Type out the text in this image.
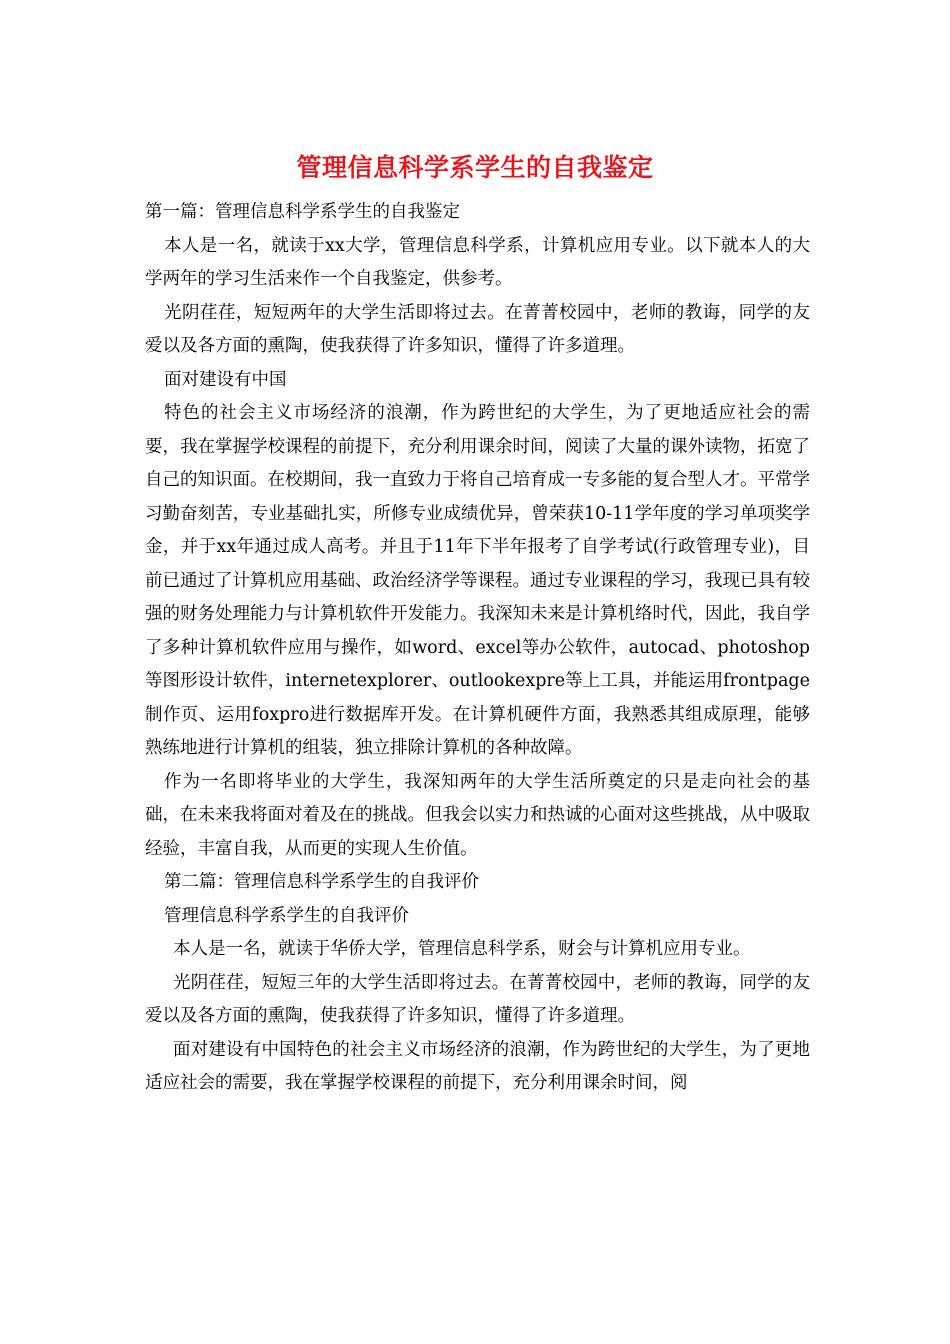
管理信息科学系学生的自我鉴定

第一篇：管理信息科学系学生的自我鉴定

本人是一名，就读于xx大学，管理信息科学系，计算机应用专业。以下就本人的大学两年的学习生活来作一个自我鉴定，供参考。

光阴荏荏，短短两年的大学生活即将过去。在菁菁校园中，老师的教诲，同学的友爱以及各方面的熏陶，使我获得了许多知识，懂得了许多道理。

面对建设有中国

特色的社会主义市场经济的浪潮，作为跨世纪的大学生，为了更地适应社会的需要，我在掌握学校课程的前提下，充分利用课余时间，阅读了大量的课外读物，拓宽了自己的知识面。在校期间，我一直致力于将自己培育成一专多能的复合型人才。平常学习勤奋刻苦，专业基础扎实，所修专业成绩优异，曾荣获10-11学年度的学习单项奖学金，并于xx年通过成人高考。并且于11年下半年报考了自学考试(行政管理专业)，目前已通过了计算机应用基础、政治经济学等课程。通过专业课程的学习，我现已具有较强的财务处理能力与计算机软件开发能力。我深知未来是计算机络时代，因此，我自学了多种计算机软件应用与操作，如word、excel等办公软件，autocad、photoshop等图形设计软件，internetexplorer、outlookexpre等上工具，并能运用frontpage制作页、运用foxpro进行数据库开发。在计算机硬件方面，我熟悉其组成原理，能够熟练地进行计算机的组装，独立排除计算机的各种故障。

作为一名即将毕业的大学生，我深知两年的大学生活所奠定的只是走向社会的基础，在未来我将面对着及在的挑战。但我会以实力和热诚的心面对这些挑战，从中吸取经验，丰富自我，从而更的实现人生价值。

第二篇：管理信息科学系学生的自我评价

管理信息科学系学生的自我评价

本人是一名，就读于华侨大学，管理信息科学系，财会与计算机应用专业。

光阴荏荏，短短三年的大学生活即将过去。在菁菁校园中，老师的教诲，同学的友爱以及各方面的熏陶，使我获得了许多知识，懂得了许多道理。

面对建设有中国特色的社会主义市场经济的浪潮，作为跨世纪的大学生，为了更地适应社会的需要，我在掌握学校课程的前提下，充分利用课余时间，阅
